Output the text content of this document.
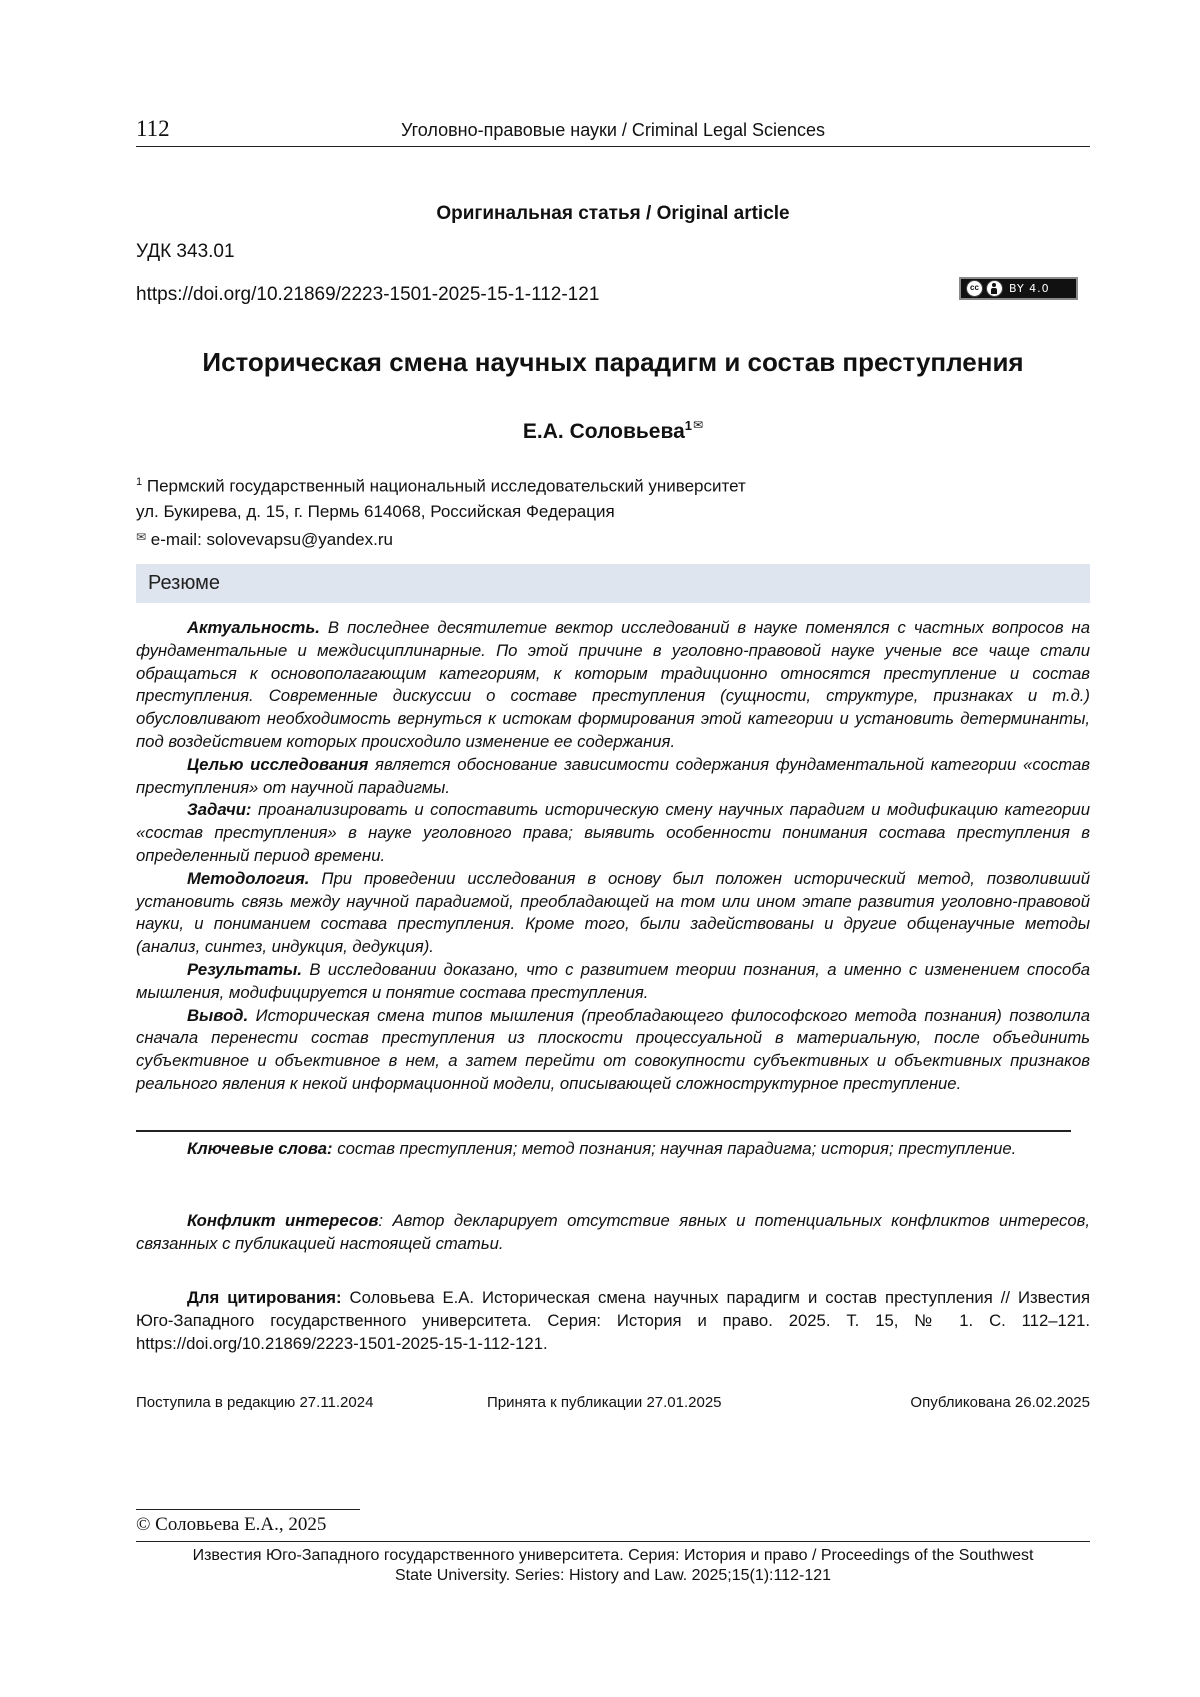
112	Уголовно-правовые науки / Criminal Legal Sciences
Оригинальная статья / Original article
УДК 343.01
https://doi.org/10.21869/2223-1501-2025-15-1-112-121	cc	BY 4.0
Историческая смена научных парадигм и состав преступления
Е.А. Соловьева$^1$✉
$^1$ Пермский государственный национальный исследовательский университет
ул. Букирева, д. 15, г. Пермь 614068, Российская Федерация
✉ e-mail: solovevapsu@yandex.ru
Резюме

Актуальность. В последнее десятилетие вектор исследований в науке поменялся с частных вопросов на фундаментальные и междисциплинарные. По этой причине в уголовно-правовой науке ученые все чаще стали обращаться к основополагающим категориям, к которым традиционно относятся преступление и состав преступления. Современные дискуссии о составе преступления (сущности, структуре, признаках и т.д.) обусловливают необходимость вернуться к истокам формирования этой категории и установить детерминанты, под воздействием которых происходило изменение ее содержания.

Целью исследования является обоснование зависимости содержания фундаментальной категории «состав преступления» от научной парадигмы.

Задачи: проанализировать и сопоставить историческую смену научных парадигм и модификацию категории «состав преступления» в науке уголовного права; выявить особенности понимания состава преступления в определенный период времени.

Методология. При проведении исследования в основу был положен исторический метод, позволивший установить связь между научной парадигмой, преобладающей на том или ином этапе развития уголовно-правовой науки, и пониманием состава преступления. Кроме того, были задействованы и другие общенаучные методы (анализ, синтез, индукция, дедукция).

Результаты. В исследовании доказано, что с развитием теории познания, а именно с изменением способа мышления, модифицируется и понятие состава преступления.

Вывод. Историческая смена типов мышления (преобладающего философского метода познания) позволила сначала перенести состав преступления из плоскости процессуальной в материальную, после объединить субъективное и объективное в нем, а затем перейти от совокупности субъективных и объективных признаков реального явления к некой информационной модели, описывающей сложноструктурное преступление.

Ключевые слова: состав преступления; метод познания; научная парадигма; история; преступление.

Конфликт интересов: Автор декларирует отсутствие явных и потенциальных конфликтов интересов, связанных с публикацией настоящей статьи.

Для цитирования: Соловьева Е.А. Историческая смена научных парадигм и состав преступления // Известия Юго-Западного государственного университета. Серия: История и право. 2025. Т. 15, № 1. С. 112–121. https://doi.org/10.21869/2223-1501-2025-15-1-112-121.

Поступила в редакцию 27.11.2024	Принята к публикации 27.01.2025	Опубликована 26.02.2025
© Соловьева Е.А., 2025
Известия Юго-Западного государственного университета. Серия: История и право / Proceedings of the Southwest
State University. Series: History and Law. 2025;15(1):112-121
